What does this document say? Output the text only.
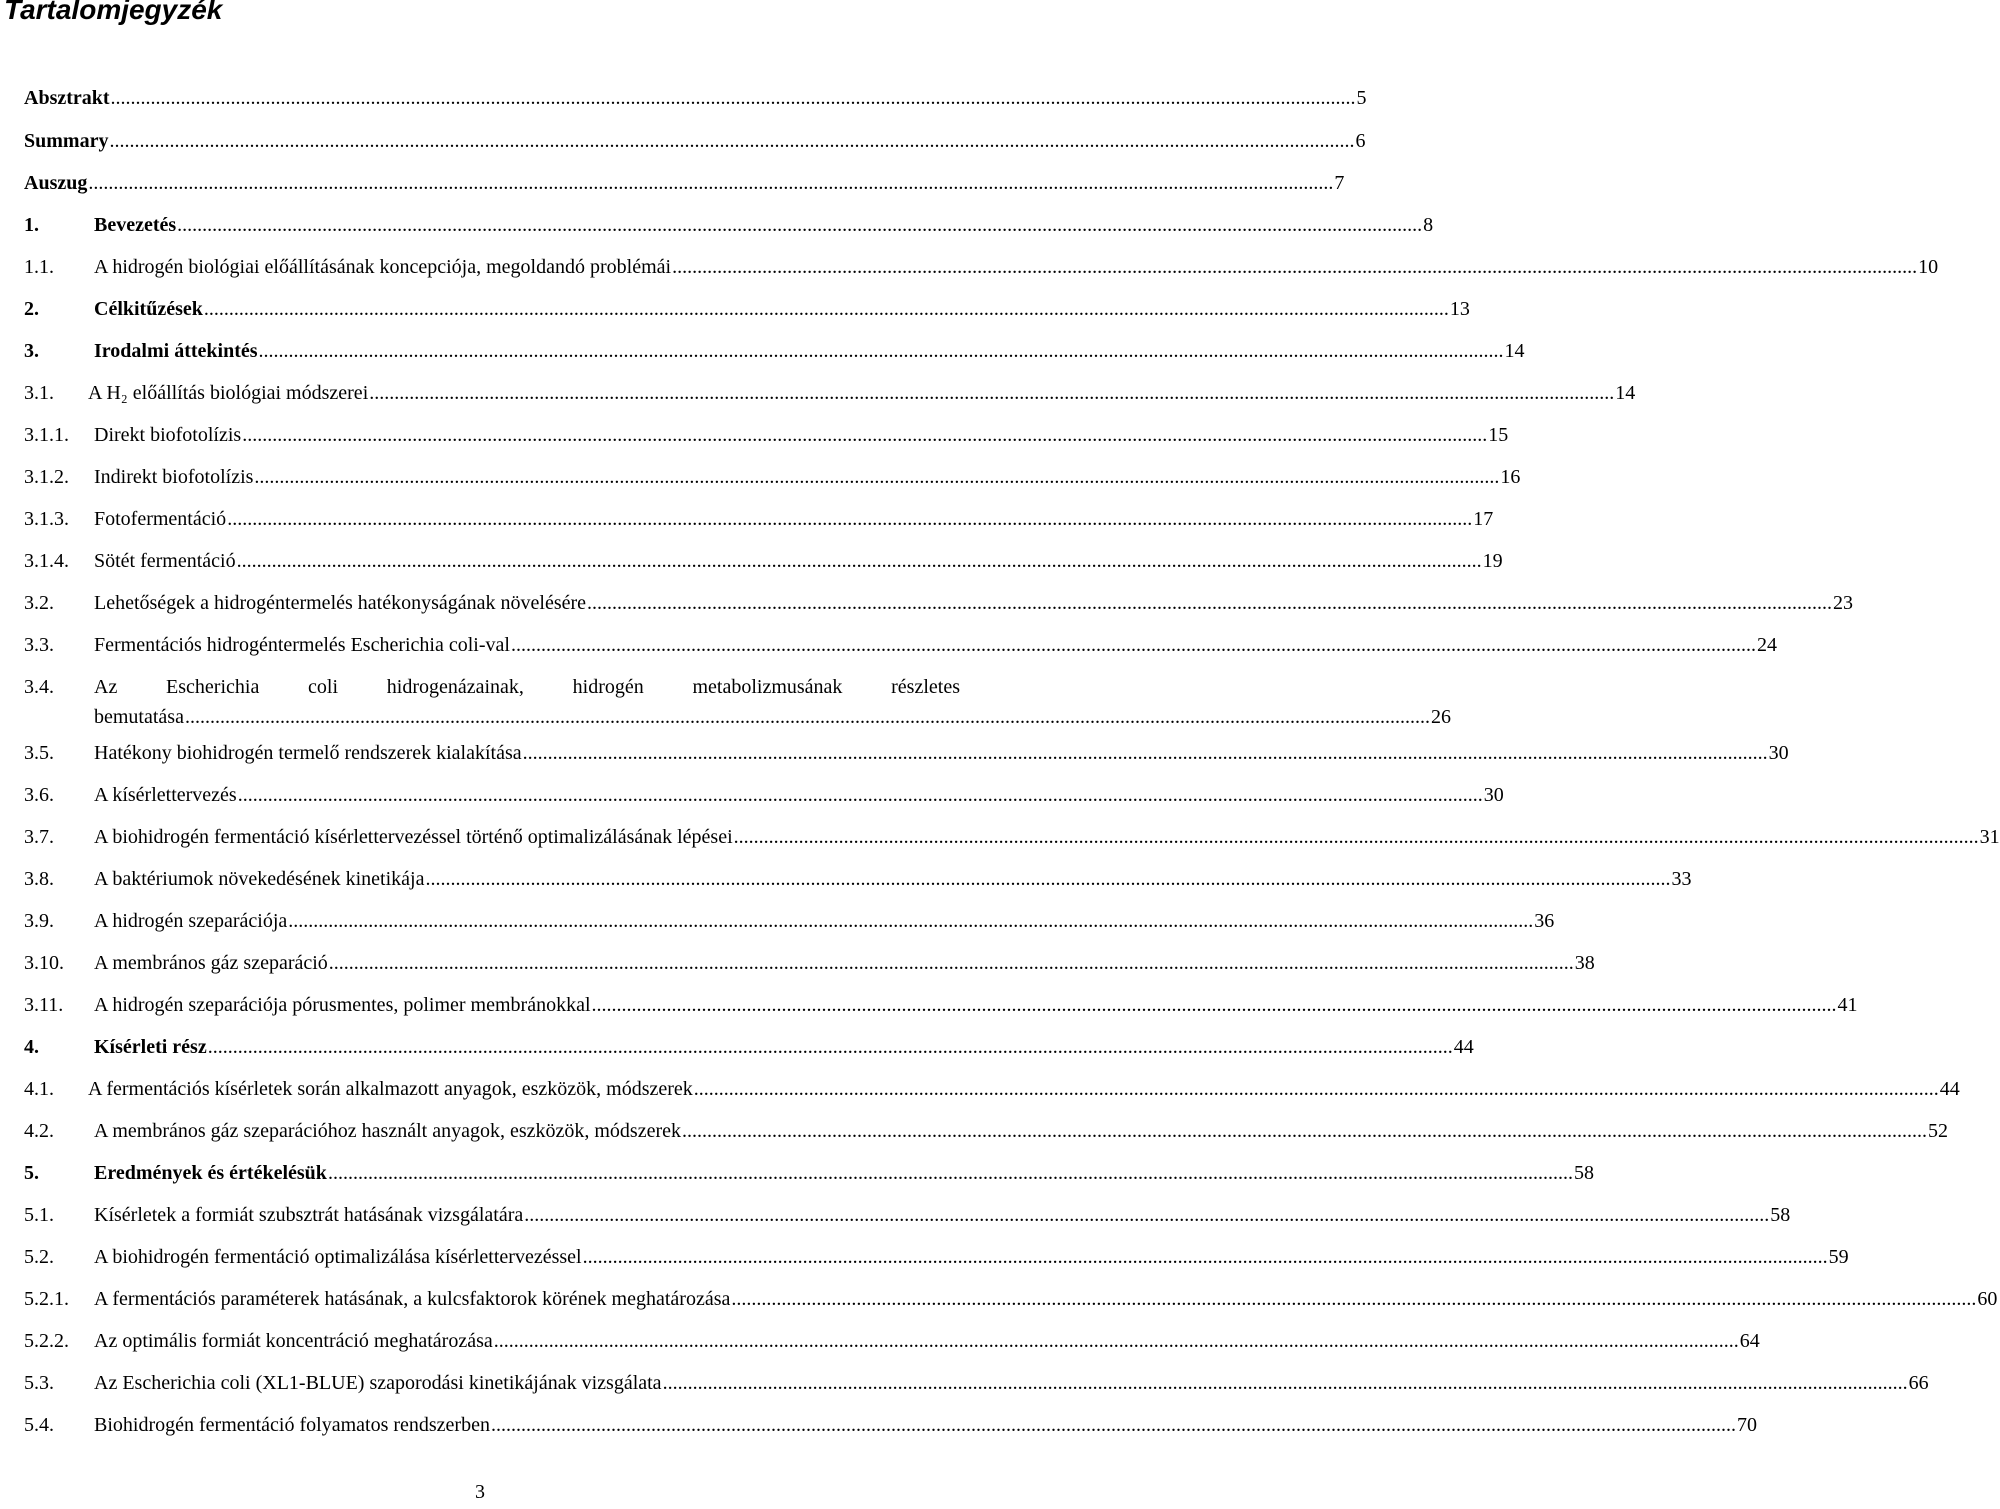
Tartalomjegyzék
Absztrakt .....	5
Summary .....	6
Auszug .....	7
1.	Bevezetés .....	8
1.1.	A hidrogén biológiai előállításának koncepciója, megoldandó problémái .....	10
2.	Célkitűzések .....	13
3.	Irodalmi áttekintés .....	14
3.1.	A H₂ előállítás biológiai módszerei .....	14
3.1.1.	Direkt biofotolízis .....	15
3.1.2.	Indirekt biofotolízis .....	16
3.1.3.	Fotofermentáció .....	17
3.1.4.	Sötét fermentáció .....	19
3.2.	Lehetőségek a hidrogéntermelés hatékonyságának növelésére .....	23
3.3.	Fermentációs hidrogéntermelés Escherichia coli-val .....	24
3.4.	Az Escherichia coli hidrogenázainak, hidrogén metabolizmusának részletes
bemutatása .....	26
3.5.	Hatékony biohidrogén termelő rendszerek kialakítása .....	30
3.6.	A kísérlettervezés .....	30
3.7.	A biohidrogén fermentáció kísérlettervezéssel történő optimalizálásának lépései .....	31
3.8.	A baktériumok növekedésének kinetikája .....	33
3.9.	A hidrogén szeparációja .....	36
3.10.	A membrános gáz szeparáció .....	38
3.11.	A hidrogén szeparációja pórusmentes, polimer membránokkal .....	41
4.	Kísérleti rész .....	44
4.1.	A fermentációs kísérletek során alkalmazott anyagok, eszközök, módszerek .....	44
4.2.	A membrános gáz szeparációhoz használt anyagok, eszközök, módszerek .....	52
5.	Eredmények és értékelésük .....	58
5.1.	Kísérletek a formiát szubsztrát hatásának vizsgálatára .....	58
5.2.	A biohidrogén fermentáció optimalizálása kísérlettervezéssel .....	59
5.2.1.	A fermentációs paraméterek hatásának, a kulcsfaktorok körének meghatározása .....	60
5.2.2.	Az optimális formiát koncentráció meghatározása .....	64
5.3.	Az Escherichia coli (XL1-BLUE) szaporodási kinetikájának vizsgálata .....	66
5.4.	Biohidrogén fermentáció folyamatos rendszerben .....	70
3
